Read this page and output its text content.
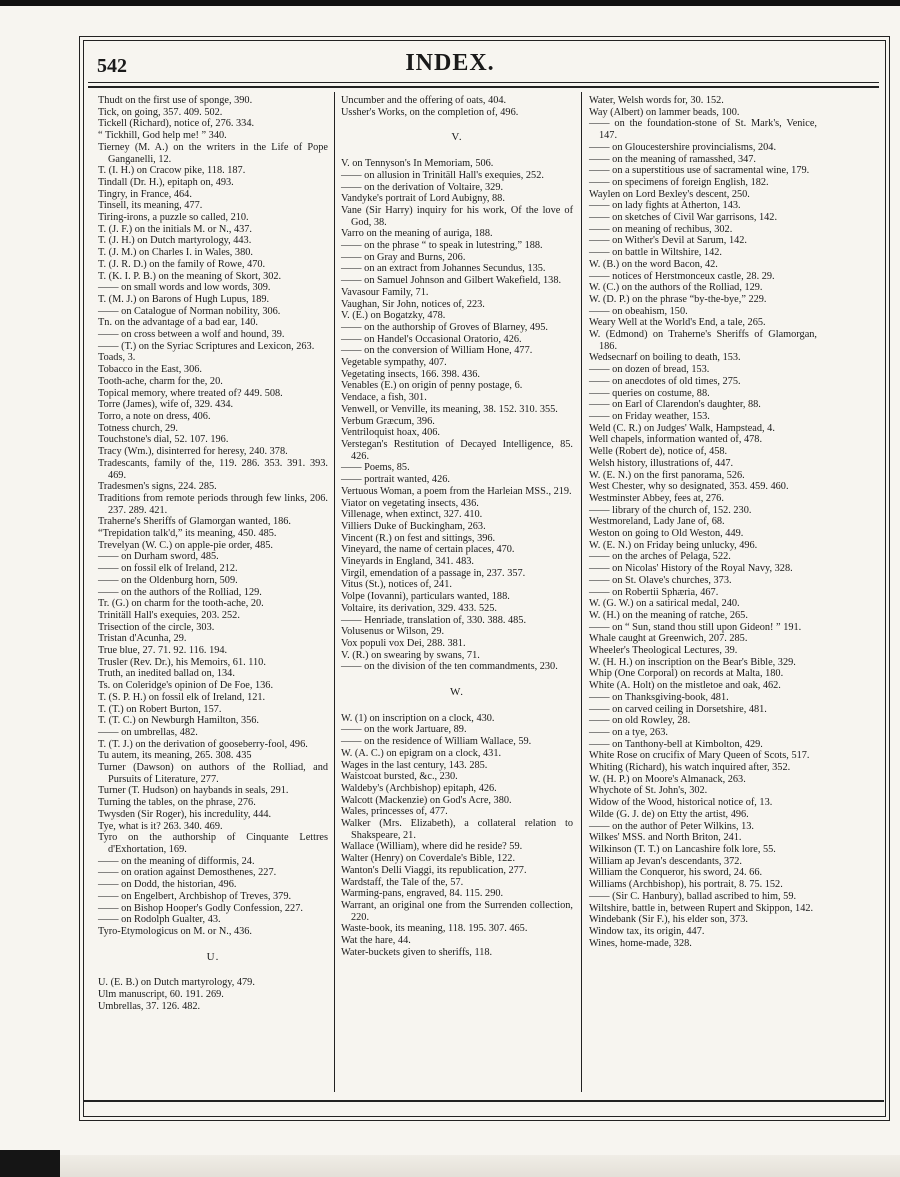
542	INDEX.
Thudt on the first use of sponge, 390.
Tick, on going, 357. 409. 502.
Tickell (Richard), notice of, 276. 334.
“ Tickhill, God help me! ” 340.
Tierney (M. A.) on the writers in the Life of Pope Ganganelli, 12.
T. (I. H.) on Cracow pike, 118. 187.
Tindall (Dr. H.), epitaph on, 493.
Tingry, in France, 464.
Tinsell, its meaning, 477.
Tiring-irons, a puzzle so called, 210.
T. (J. F.) on the initials M. or N., 437.
T. (J. H.) on Dutch martyrology, 443.
T. (J. M.) on Charles I. in Wales, 380.
T. (J. R. D.) on the family of Rowe, 470.
T. (K. I. P. B.) on the meaning of Skort, 302.
—— on small words and low words, 309.
T. (M. J.) on Barons of Hugh Lupus, 189.
—— on Catalogue of Norman nobility, 306.
Tn. on the advantage of a bad ear, 140.
—— on cross between a wolf and hound, 39.
—— (T.) on the Syriac Scriptures and Lexicon, 263.
Toads, 3.
Tobacco in the East, 306.
Tooth-ache, charm for the, 20.
Topical memory, where treated of? 449. 508.
Torre (James), wife of, 329. 434.
Torro, a note on dress, 406.
Totness church, 29.
Touchstone's dial, 52. 107. 196.
Tracy (Wm.), disinterred for heresy, 240. 378.
Tradescants, family of the, 119. 286. 353. 391. 393. 469.
Tradesmen's signs, 224. 285.
Traditions from remote periods through few links, 206. 237. 289. 421.
Traherne's Sheriffs of Glamorgan wanted, 186.
“Trepidation talk'd,” its meaning, 450. 485.
Trevelyan (W. C.) on apple-pie order, 485.
—— on Durham sword, 485.
—— on fossil elk of Ireland, 212.
—— on the Oldenburg horn, 509.
—— on the authors of the Rolliad, 129.
Tr. (G.) on charm for the tooth-ache, 20.
Trinitäll Hall's exequies, 203. 252.
Trisection of the circle, 303.
Tristan d'Acunha, 29.
True blue, 27. 71. 92. 116. 194.
Trusler (Rev. Dr.), his Memoirs, 61. 110.
Truth, an inedited ballad on, 134.
Ts. on Coleridge's opinion of De Foe, 136.
T. (S. P. H.) on fossil elk of Ireland, 121.
T. (T.) on Robert Burton, 157.
T. (T. C.) on Newburgh Hamilton, 356.
—— on umbrellas, 482.
T. (T. J.) on the derivation of gooseberry-fool, 496.
Tu autem, its meaning, 265. 308. 435
Turner (Dawson) on authors of the Rolliad, and Pursuits of Literature, 277.
Turner (T. Hudson) on haybands in seals, 291.
Turning the tables, on the phrase, 276.
Twysden (Sir Roger), his incredulity, 444.
Tye, what is it? 263. 340. 469.
Tyro on the authorship of Cinquante Lettres d'Exhortation, 169.
—— on the meaning of difformis, 24.
—— on oration against Demosthenes, 227.
—— on Dodd, the historian, 496.
—— on Engelbert, Archbishop of Treves, 379.
—— on Bishop Hooper's Godly Confession, 227.
—— on Rodolph Gualter, 43.
Tyro-Etymologicus on M. or N., 436.
U.
U. (E. B.) on Dutch martyrology, 479.
Ulm manuscript, 60. 191. 269.
Umbrellas, 37. 126. 482.
Uncumber and the offering of oats, 404.
Ussher's Works, on the completion of, 496.
V.
V. on Tennyson's In Memoriam, 506.
—— on allusion in Trinitäll Hall's exequies, 252.
—— on the derivation of Voltaire, 329.
Vandyke's portrait of Lord Aubigny, 88.
Vane (Sir Harry) inquiry for his work, Of the love of God, 38.
Varro on the meaning of auriga, 188.
—— on the phrase “ to speak in lutestring,” 188.
—— on Gray and Burns, 206.
—— on an extract from Johannes Secundus, 135.
—— on Samuel Johnson and Gilbert Wakefield, 138.
Vavasour Family, 71.
Vaughan, Sir John, notices of, 223.
V. (E.) on Bogatzky, 478.
—— on the authorship of Groves of Blarney, 495.
—— on Handel's Occasional Oratorio, 426.
—— on the conversion of William Hone, 477.
Vegetable sympathy, 407.
Vegetating insects, 166. 398. 436.
Venables (E.) on origin of penny postage, 6.
Vendace, a fish, 301.
Venwell, or Venville, its meaning, 38. 152. 310. 355.
Verbum Græcum, 396.
Ventriloquist hoax, 406.
Verstegan's Restitution of Decayed Intelligence, 85. 426.
—— Poems, 85.
—— portrait wanted, 426.
Vertuous Woman, a poem from the Harleian MSS., 219.
Viator on vegetating insects, 436.
Villenage, when extinct, 327. 410.
Villiers Duke of Buckingham, 263.
Vincent (R.) on fest and sittings, 396.
Vineyard, the name of certain places, 470.
Vineyards in England, 341. 483.
Virgil, emendation of a passage in, 237. 357.
Vitus (St.), notices of, 241.
Volpe (Iovanni), particulars wanted, 188.
Voltaire, its derivation, 329. 433. 525.
—— Henriade, translation of, 330. 388. 485.
Volusenus or Wilson, 29.
Vox populi vox Dei, 288. 381.
V. (R.) on swearing by swans, 71.
—— on the division of the ten commandments, 230.
W.
W. (1) on inscription on a clock, 430.
—— on the work Jartuare, 89.
—— on the residence of William Wallace, 59.
W. (A. C.) on epigram on a clock, 431.
Wages in the last century, 143. 285.
Waistcoat bursted, &c., 230.
Waldeby's (Archbishop) epitaph, 426.
Walcott (Mackenzie) on God's Acre, 380.
Wales, princesses of, 477.
Walker (Mrs. Elizabeth), a collateral relation to Shakspeare, 21.
Wallace (William), where did he reside? 59.
Walter (Henry) on Coverdale's Bible, 122.
Wanton's Delli Viaggi, its republication, 277.
Wardstaff, the Tale of the, 57.
Warming-pans, engraved, 84. 115. 290.
Warrant, an original one from the Surrenden collection, 220.
Waste-book, its meaning, 118. 195. 307. 465.
Wat the hare, 44.
Water-buckets given to sheriffs, 118.
Water, Welsh words for, 30. 152.
Way (Albert) on lammer beads, 100.
—— on the foundation-stone of St. Mark's, Venice, 147.
—— on Gloucestershire provincialisms, 204.
—— on the meaning of ramasshed, 347.
—— on a superstitious use of sacramental wine, 179.
—— on specimens of foreign English, 182.
Waylen on Lord Bexley's descent, 250.
—— on lady fights at Atherton, 143.
—— on sketches of Civil War garrisons, 142.
—— on meaning of rechibus, 302.
—— on Wither's Devil at Sarum, 142.
—— on battle in Wiltshire, 142.
W. (B.) on the word Bacon, 42.
—— notices of Herstmonceux castle, 28. 29.
W. (C.) on the authors of the Rolliad, 129.
W. (D. P.) on the phrase “by-the-bye,” 229.
—— on obeahism, 150.
Weary Well at the World's End, a tale, 265.
W. (Edmond) on Traherne's Sheriffs of Glamorgan, 186.
Wedsecnarf on boiling to death, 153.
—— on dozen of bread, 153.
—— on anecdotes of old times, 275.
—— queries on costume, 88.
—— on Earl of Clarendon's daughter, 88.
—— on Friday weather, 153.
Weld (C. R.) on Judges' Walk, Hampstead, 4.
Well chapels, information wanted of, 478.
Welle (Robert de), notice of, 458.
Welsh history, illustrations of, 447.
W. (E. N.) on the first panorama, 526.
West Chester, why so designated, 353. 459. 460.
Westminster Abbey, fees at, 276.
—— library of the church of, 152. 230.
Westmoreland, Lady Jane of, 68.
Weston on going to Old Weston, 449.
W. (E. N.) on Friday being unlucky, 496.
—— on the arches of Pelaga, 522.
—— on Nicolas' History of the Royal Navy, 328.
—— on St. Olave's churches, 373.
—— on Robertii Sphæria, 467.
W. (G. W.) on a satirical medal, 240.
W. (H.) on the meaning of ratche, 265.
—— on “ Sun, stand thou still upon Gideon! ” 191.
Whale caught at Greenwich, 207. 285.
Wheeler's Theological Lectures, 39.
W. (H. H.) on inscription on the Bear's Bible, 329.
Whip (One Corporal) on records at Malta, 180.
White (A. Holt) on the mistletoe and oak, 462.
—— on Thanksgiving-book, 481.
—— on carved ceiling in Dorsetshire, 481.
—— on old Rowley, 28.
—— on a tye, 263.
—— on Tanthony-bell at Kimbolton, 429.
White Rose on crucifix of Mary Queen of Scots, 517.
Whiting (Richard), his watch inquired after, 352.
W. (H. P.) on Moore's Almanack, 263.
Whychote of St. John's, 302.
Widow of the Wood, historical notice of, 13.
Wilde (G. J. de) on Etty the artist, 496.
—— on the author of Peter Wilkins, 13.
Wilkes' MSS. and North Briton, 241.
Wilkinson (T. T.) on Lancashire folk lore, 55.
William ap Jevan's descendants, 372.
William the Conqueror, his sword, 24. 66.
Williams (Archbishop), his portrait, 8. 75. 152.
—— (Sir C. Hanbury), ballad ascribed to him, 59.
Wiltshire, battle in, between Rupert and Skippon, 142.
Windebank (Sir F.), his elder son, 373.
Window tax, its origin, 447.
Wines, home-made, 328.
